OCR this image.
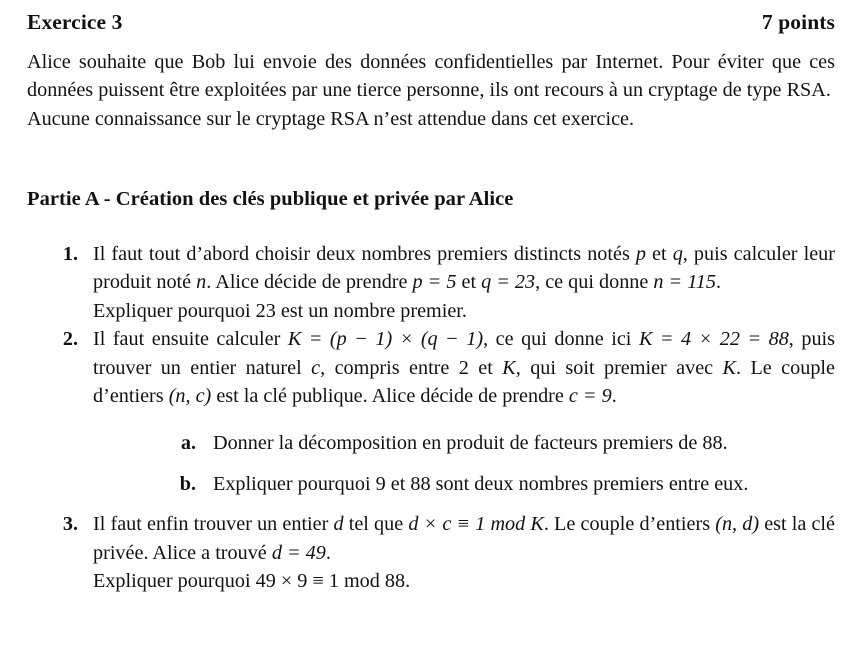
Exercice 3	7 points

Alice souhaite que Bob lui envoie des données confidentielles par Internet. Pour éviter que ces données puissent être exploitées par une tierce personne, ils ont recours à un cryptage de type RSA.

Aucune connaissance sur le cryptage RSA n’est attendue dans cet exercice.

Partie A - Création des clés publique et privée par Alice
1. Il faut tout d’abord choisir deux nombres premiers distincts notés p et q, puis calculer leur produit noté n. Alice décide de prendre p = 5 et q = 23, ce qui donne n = 115.
Expliquer pourquoi 23 est un nombre premier.
2. Il faut ensuite calculer K = (p − 1) × (q − 1), ce qui donne ici K = 4 × 22 = 88, puis trouver un entier naturel c, compris entre 2 et K, qui soit premier avec K. Le couple d’entiers (n, c) est la clé publique. Alice décide de prendre c = 9.
a. Donner la décomposition en produit de facteurs premiers de 88.
b. Expliquer pourquoi 9 et 88 sont deux nombres premiers entre eux.
3. Il faut enfin trouver un entier d tel que d × c ≡ 1 mod K. Le couple d’entiers (n, d) est la clé privée. Alice a trouvé d = 49.
Expliquer pourquoi 49 × 9 ≡ 1 mod 88.
